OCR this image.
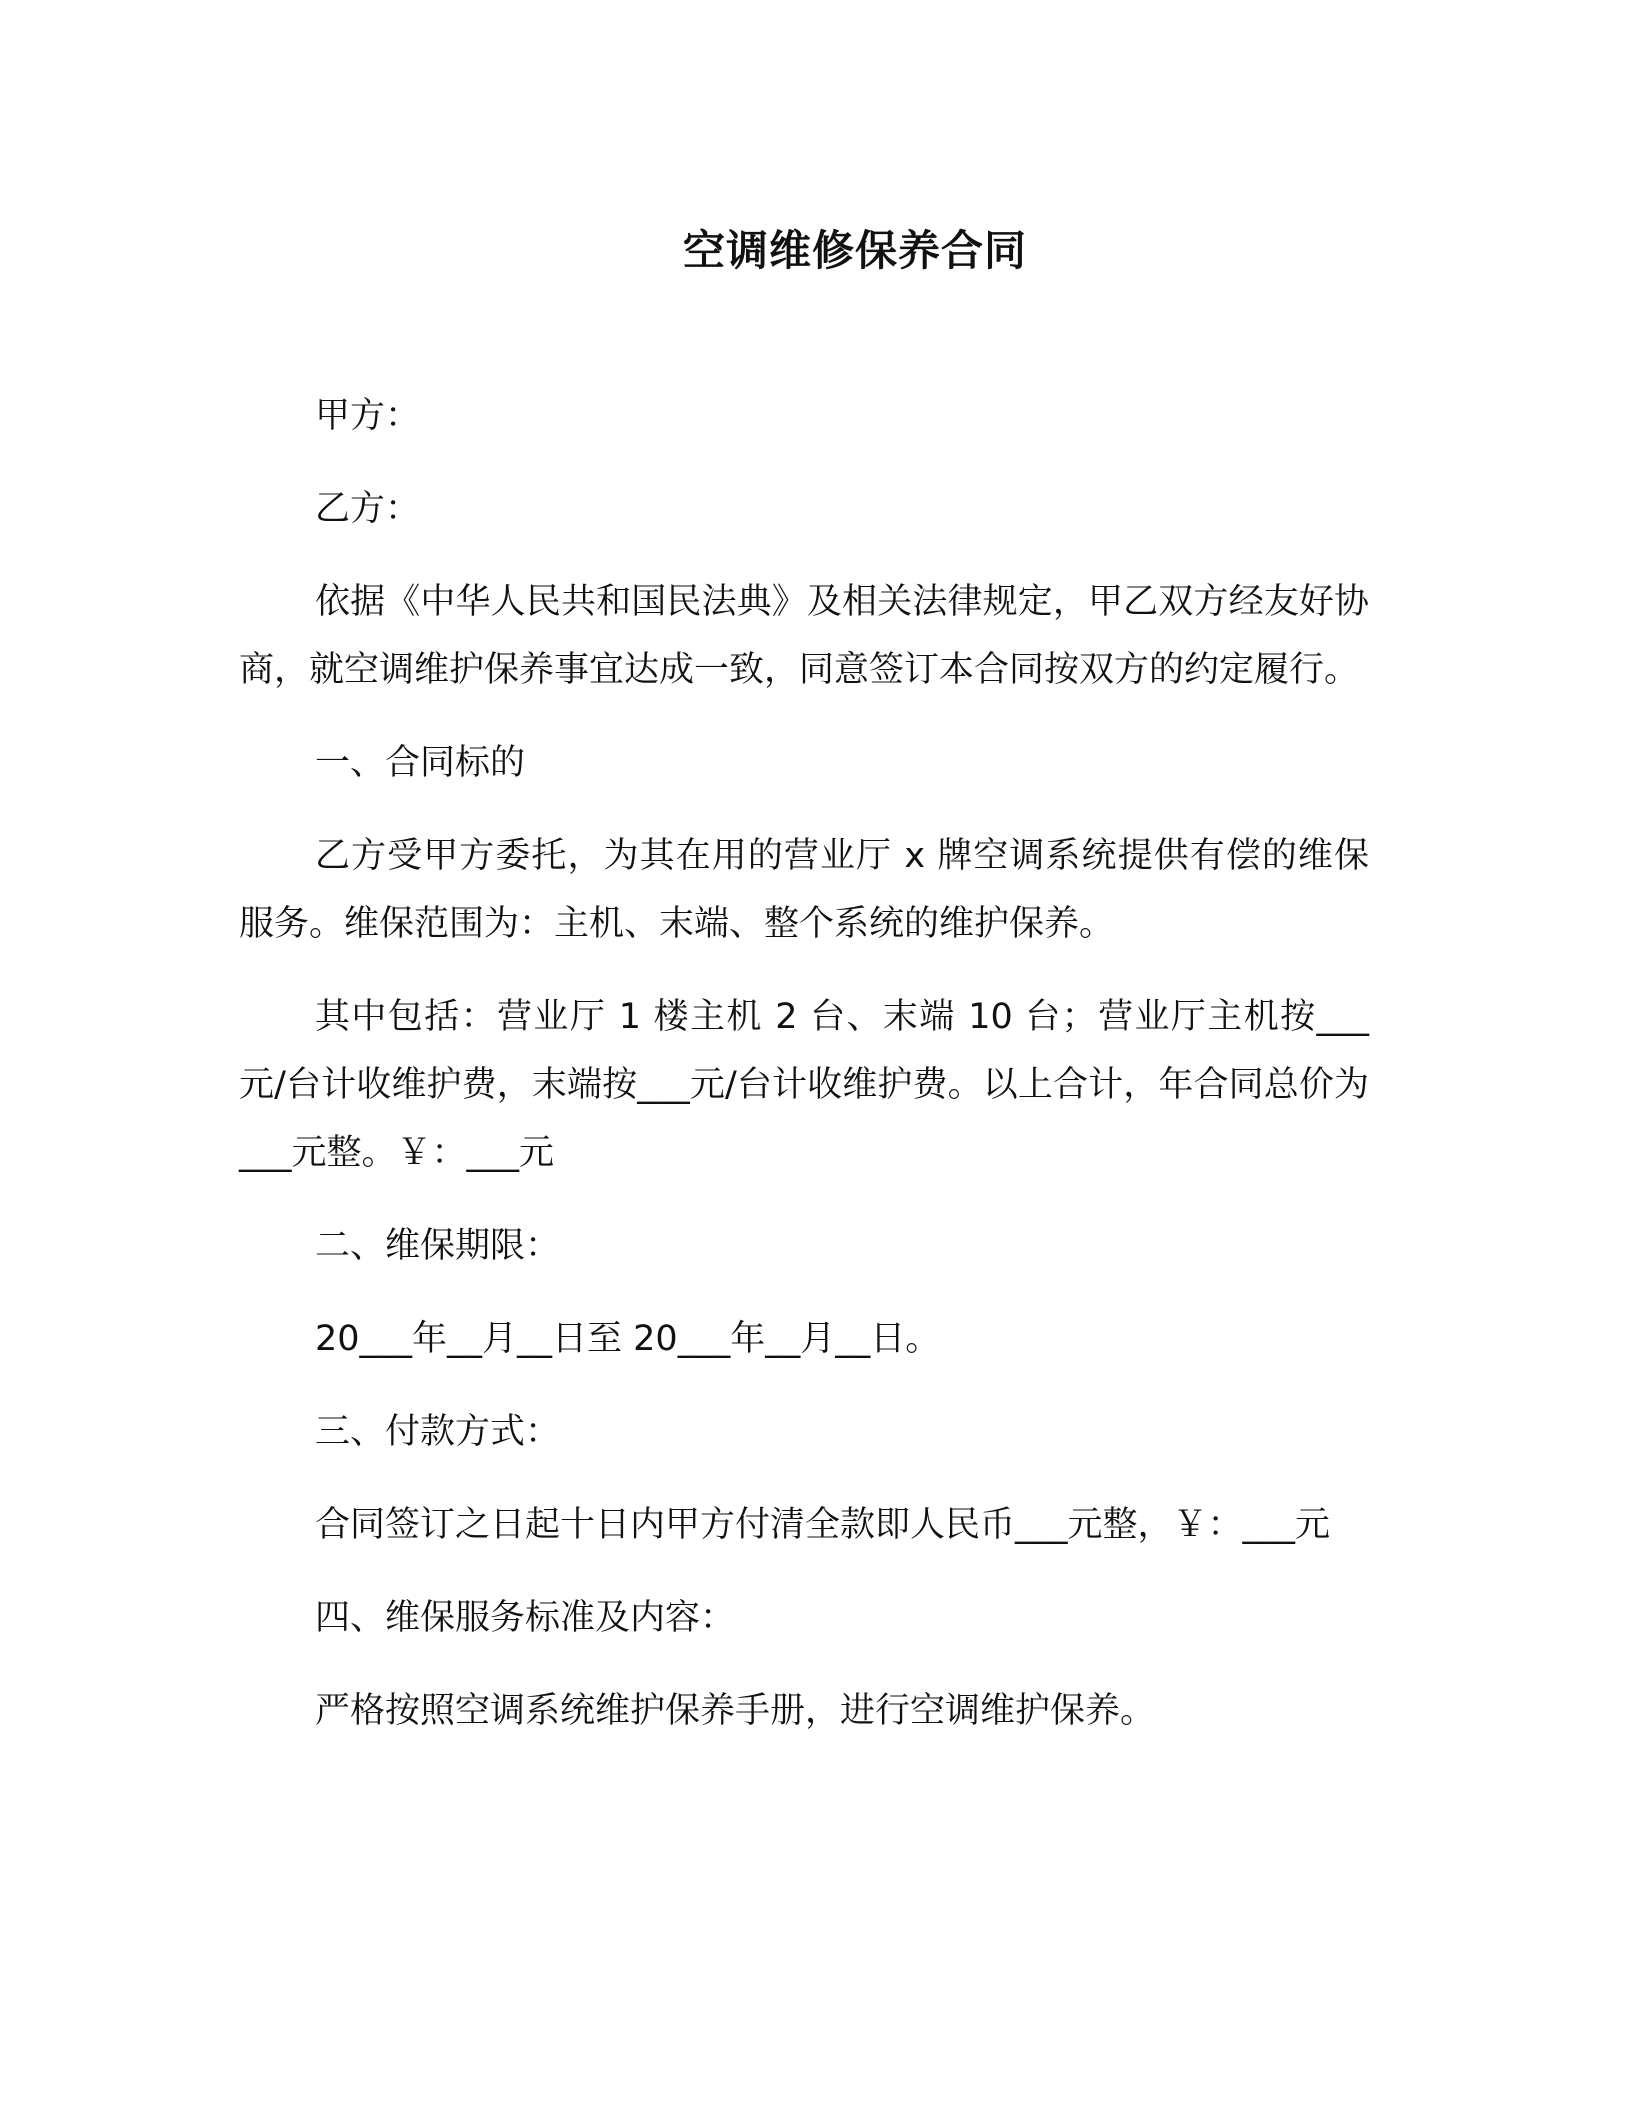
空调维修保养合同

甲方：

乙方：

依据《中华人民共和国民法典》及相关法律规定，甲乙双方经友好协商，就空调维护保养事宜达成一致，同意签订本合同按双方的约定履行。

一、合同标的

乙方受甲方委托，为其在用的营业厅 x 牌空调系统提供有偿的维保服务。维保范围为：主机、末端、整个系统的维护保养。

其中包括：营业厅 1 楼主机 2 台、末端 10 台；营业厅主机按___元/台计收维护费，末端按___元/台计收维护费。以上合计，年合同总价为___元整。￥：___元

二、维保期限：

20___年__月__日至 20___年__月__日。

三、付款方式：

合同签订之日起十日内甲方付清全款即人民币___元整，￥：___元

四、维保服务标准及内容：

严格按照空调系统维护保养手册，进行空调维护保养。
